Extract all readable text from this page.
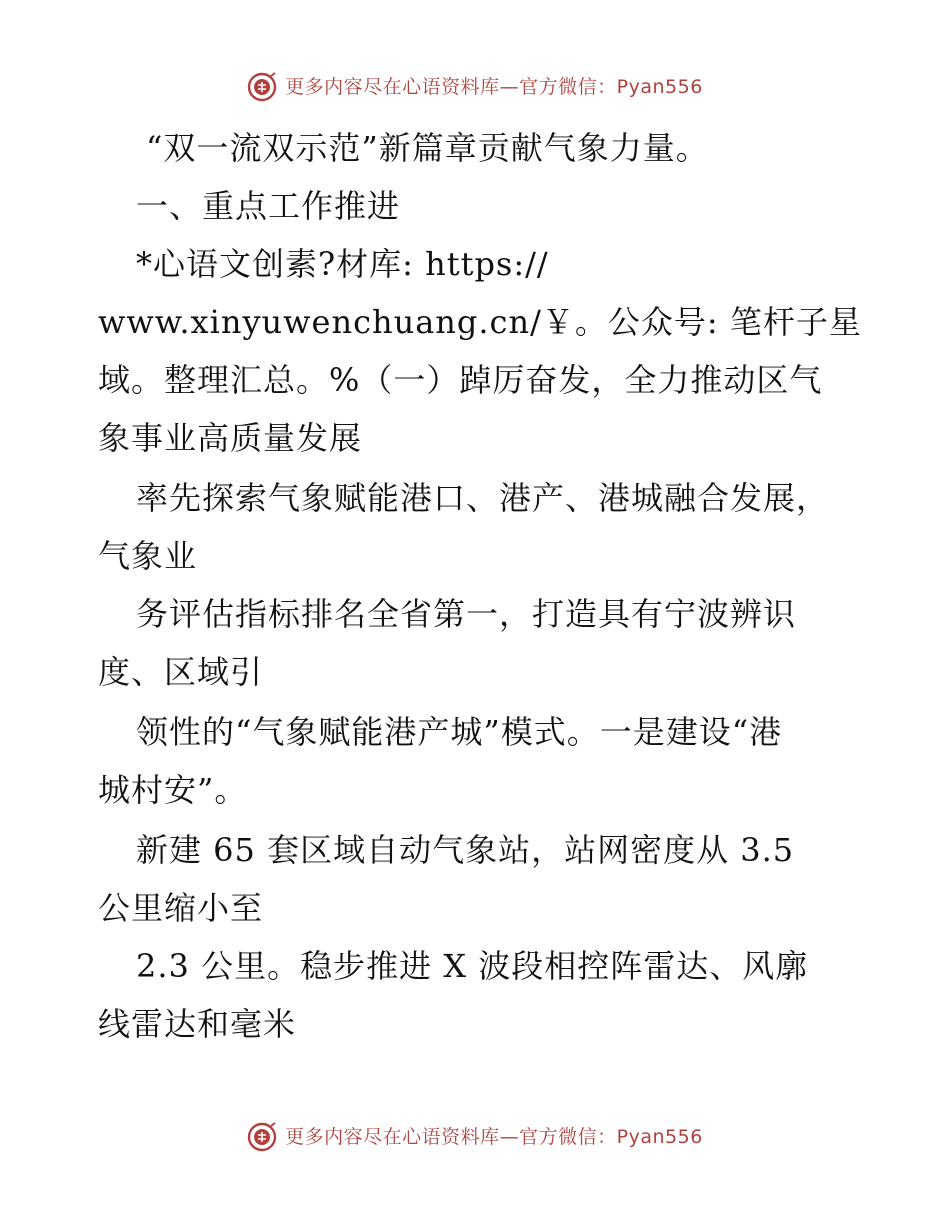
更多内容尽在心语资料库—官方微信：Pyan556
“双一流双示范”新篇章贡献气象力量。
一、重点工作推进
*心语文创素?材库: https://
www.xinyuwenchuang.cn/￥。公众号: 笔杆子星
域。整理汇总。%（一）踔厉奋发，全力推动区气
象事业高质量发展
率先探索气象赋能港口、港产、港城融合发展，
气象业
务评估指标排名全省第一，打造具有宁波辨识
度、区域引
领性的“气象赋能港产城”模式。一是建设“港
城村安”。
新建 65 套区域自动气象站，站网密度从 3.5
公里缩小至
2.3 公里。稳步推进 X 波段相控阵雷达、风廓
线雷达和毫米
更多内容尽在心语资料库—官方微信：Pyan556
